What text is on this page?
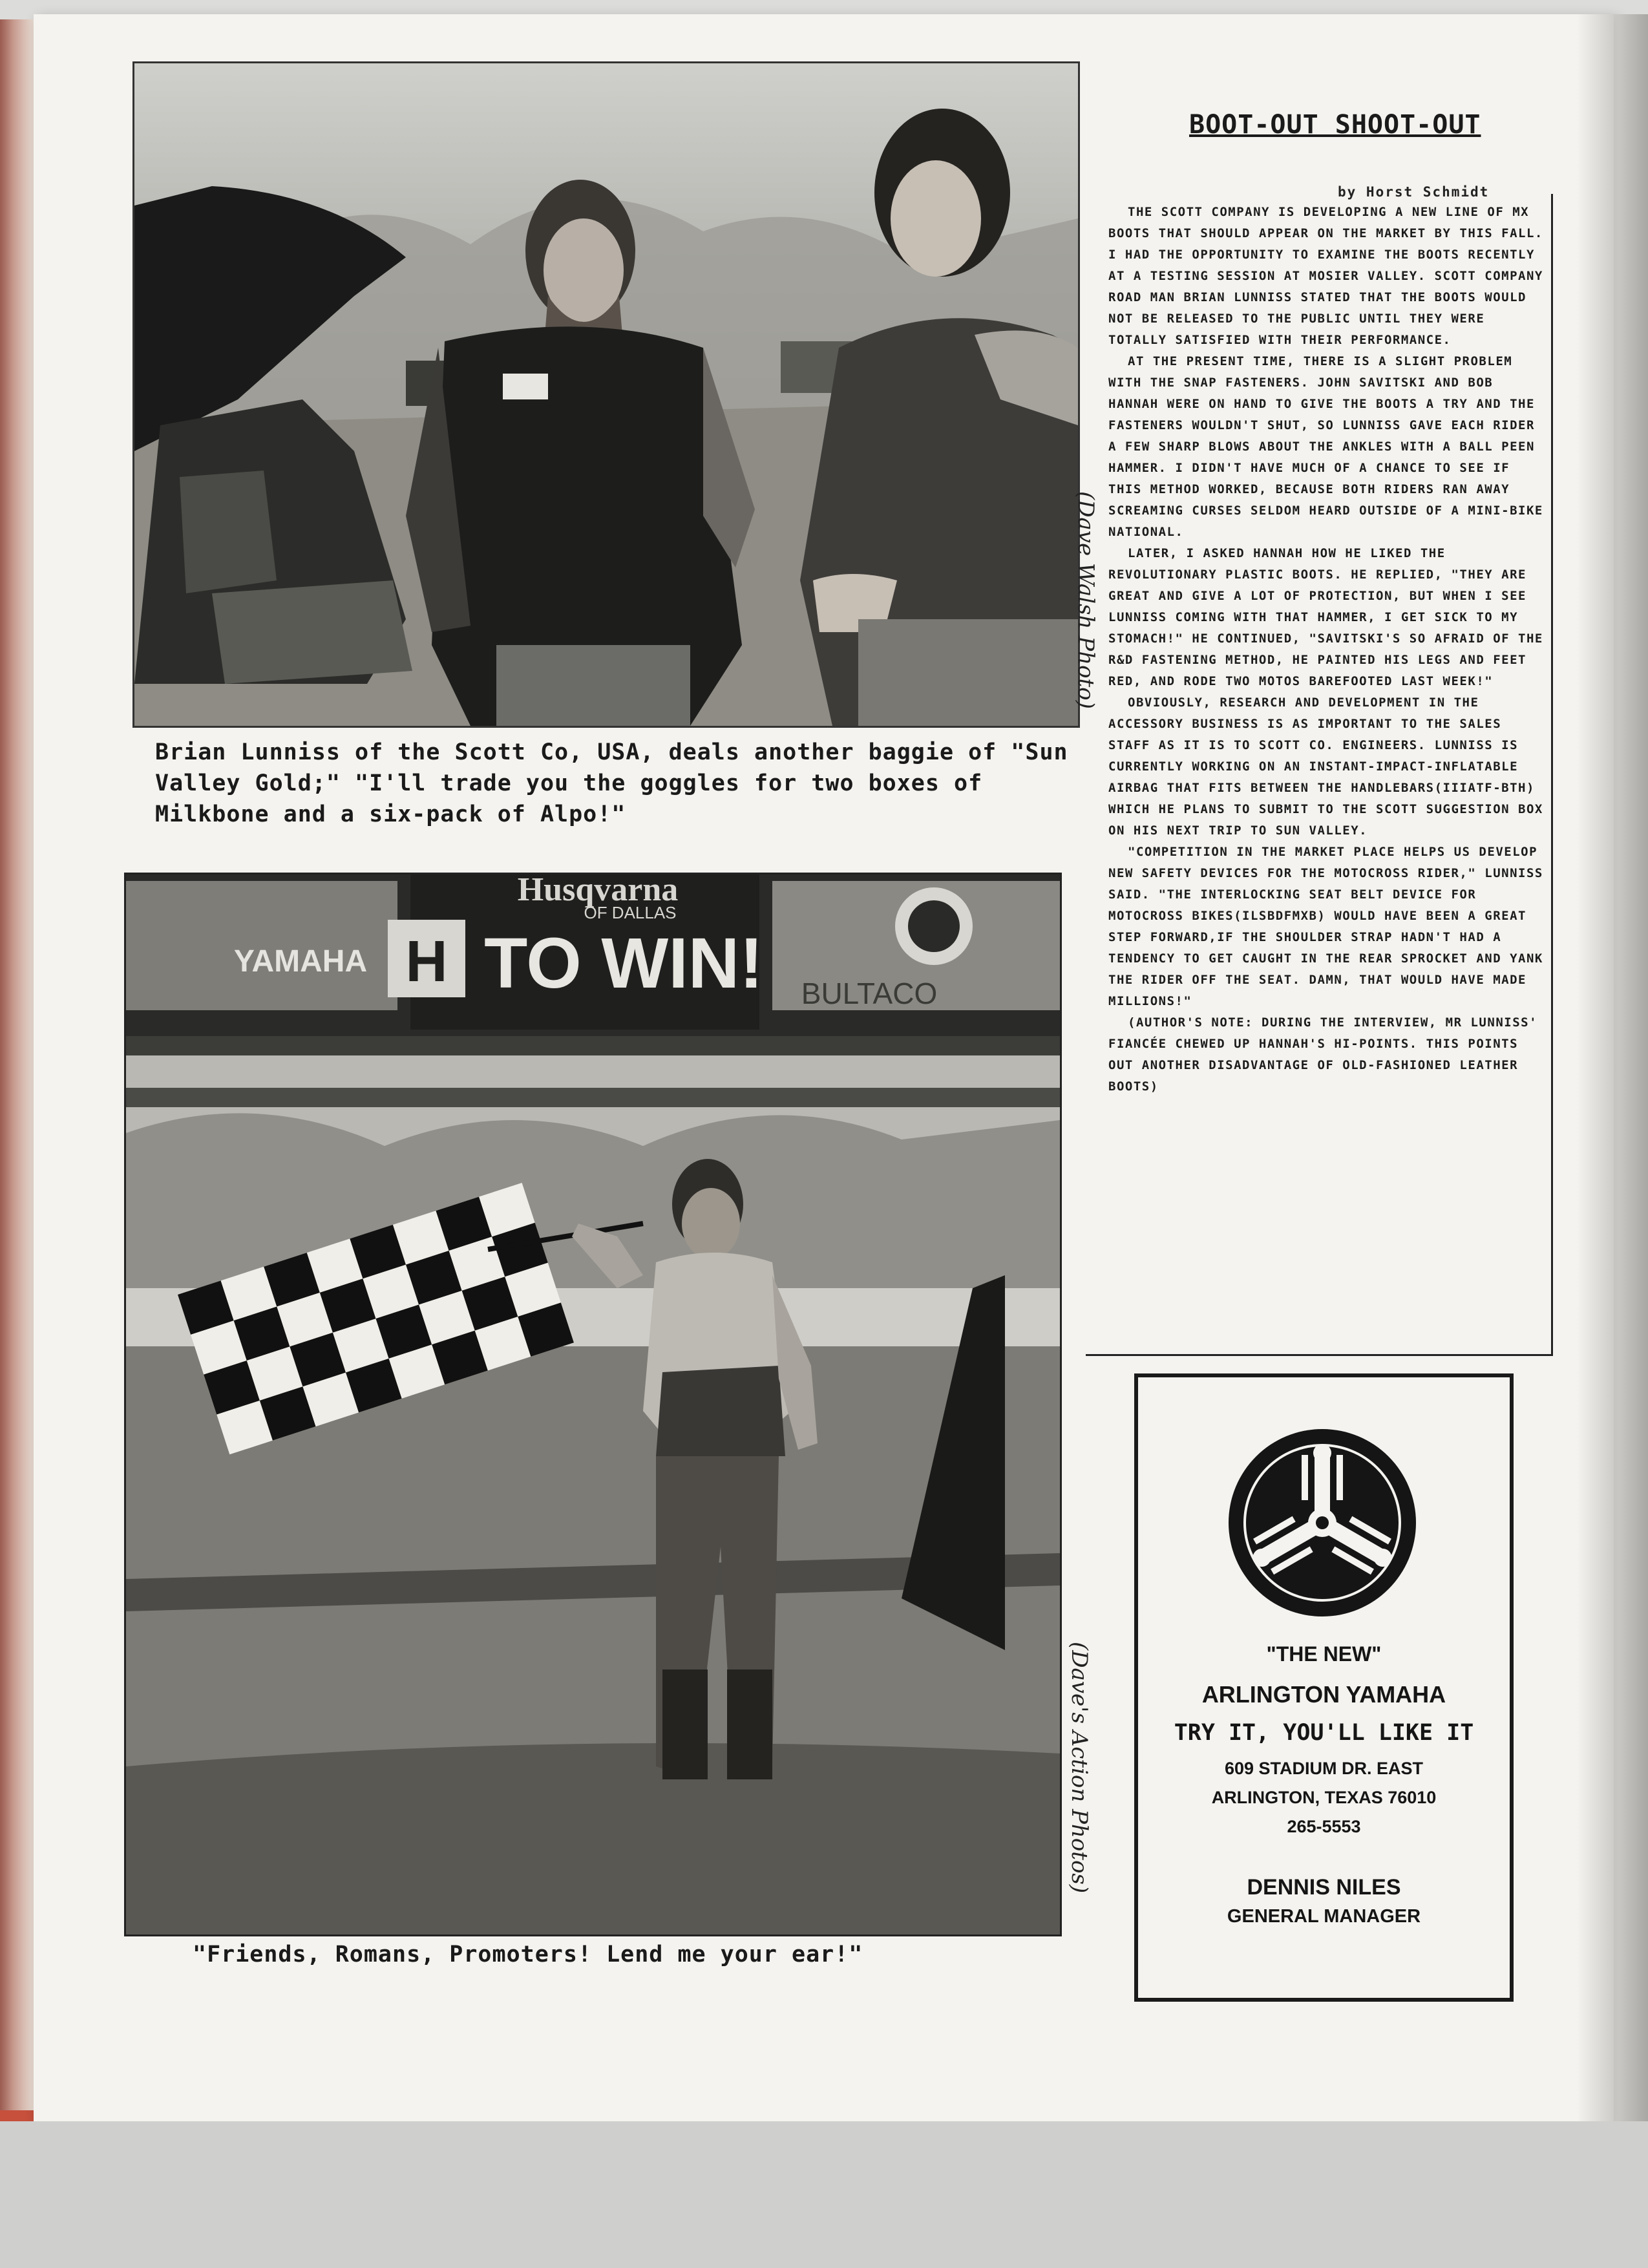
(Dave Walsh Photo)
Brian Lunniss of the Scott Co, USA, deals another baggie of "Sun Valley Gold;" "I'll trade you the goggles for two boxes of Milkbone and a six-pack of Alpo!"
H
Husqvarna
OF DALLAS
TO WIN!
YAMAHA
BULTACO
(Dave's Action Photos)
"Friends, Romans, Promoters! Lend me your ear!"
BOOT-OUT SHOOT-OUT
by Horst Schmidt

THE SCOTT COMPANY IS DEVELOPING A NEW LINE OF MX BOOTS THAT SHOULD APPEAR ON THE MARKET BY THIS FALL. I HAD THE OPPORTUNITY TO EXAMINE THE BOOTS RECENTLY AT A TESTING SESSION AT MOSIER VALLEY. SCOTT COMPANY ROAD MAN BRIAN LUNNISS STATED THAT THE BOOTS WOULD NOT BE RELEASED TO THE PUBLIC UNTIL THEY WERE TOTALLY SATISFIED WITH THEIR PERFORMANCE.

AT THE PRESENT TIME, THERE IS A SLIGHT PROBLEM WITH THE SNAP FASTENERS. JOHN SAVITSKI AND BOB HANNAH WERE ON HAND TO GIVE THE BOOTS A TRY AND THE FASTENERS WOULDN'T SHUT, SO LUNNISS GAVE EACH RIDER A FEW SHARP BLOWS ABOUT THE ANKLES WITH A BALL PEEN HAMMER. I DIDN'T HAVE MUCH OF A CHANCE TO SEE IF THIS METHOD WORKED, BECAUSE BOTH RIDERS RAN AWAY SCREAMING CURSES SELDOM HEARD OUTSIDE OF A MINI-BIKE NATIONAL.

LATER, I ASKED HANNAH HOW HE LIKED THE REVOLUTIONARY PLASTIC BOOTS. HE REPLIED, "THEY ARE GREAT AND GIVE A LOT OF PROTECTION, BUT WHEN I SEE LUNNISS COMING WITH THAT HAMMER, I GET SICK TO MY STOMACH!" HE CONTINUED, "SAVITSKI'S SO AFRAID OF THE R&D FASTENING METHOD, HE PAINTED HIS LEGS AND FEET RED, AND RODE TWO MOTOS BAREFOOTED LAST WEEK!"

OBVIOUSLY, RESEARCH AND DEVELOPMENT IN THE ACCESSORY BUSINESS IS AS IMPORTANT TO THE SALES STAFF AS IT IS TO SCOTT CO. ENGINEERS. LUNNISS IS CURRENTLY WORKING ON AN INSTANT-IMPACT-INFLATABLE AIRBAG THAT FITS BETWEEN THE HANDLEBARS(IIIATF-BTH) WHICH HE PLANS TO SUBMIT TO THE SCOTT SUGGESTION BOX ON HIS NEXT TRIP TO SUN VALLEY.

"COMPETITION IN THE MARKET PLACE HELPS US DEVELOP NEW SAFETY DEVICES FOR THE MOTOCROSS RIDER," LUNNISS SAID. "THE INTERLOCKING SEAT BELT DEVICE FOR MOTOCROSS BIKES(ILSBDFMXB) WOULD HAVE BEEN A GREAT STEP FORWARD,IF THE SHOULDER STRAP HADN'T HAD A TENDENCY TO GET CAUGHT IN THE REAR SPROCKET AND YANK THE RIDER OFF THE SEAT. DAMN, THAT WOULD HAVE MADE MILLIONS!"

(AUTHOR'S NOTE: DURING THE INTERVIEW, MR LUNNISS' FIANCÉE CHEWED UP HANNAH'S HI-POINTS. THIS POINTS OUT ANOTHER DISADVANTAGE OF OLD-FASHIONED LEATHER BOOTS)

"THE NEW"
ARLINGTON YAMAHA
TRY IT, YOU'LL LIKE IT
609 STADIUM DR. EAST
ARLINGTON, TEXAS 76010
265-5553
DENNIS NILES
GENERAL MANAGER
